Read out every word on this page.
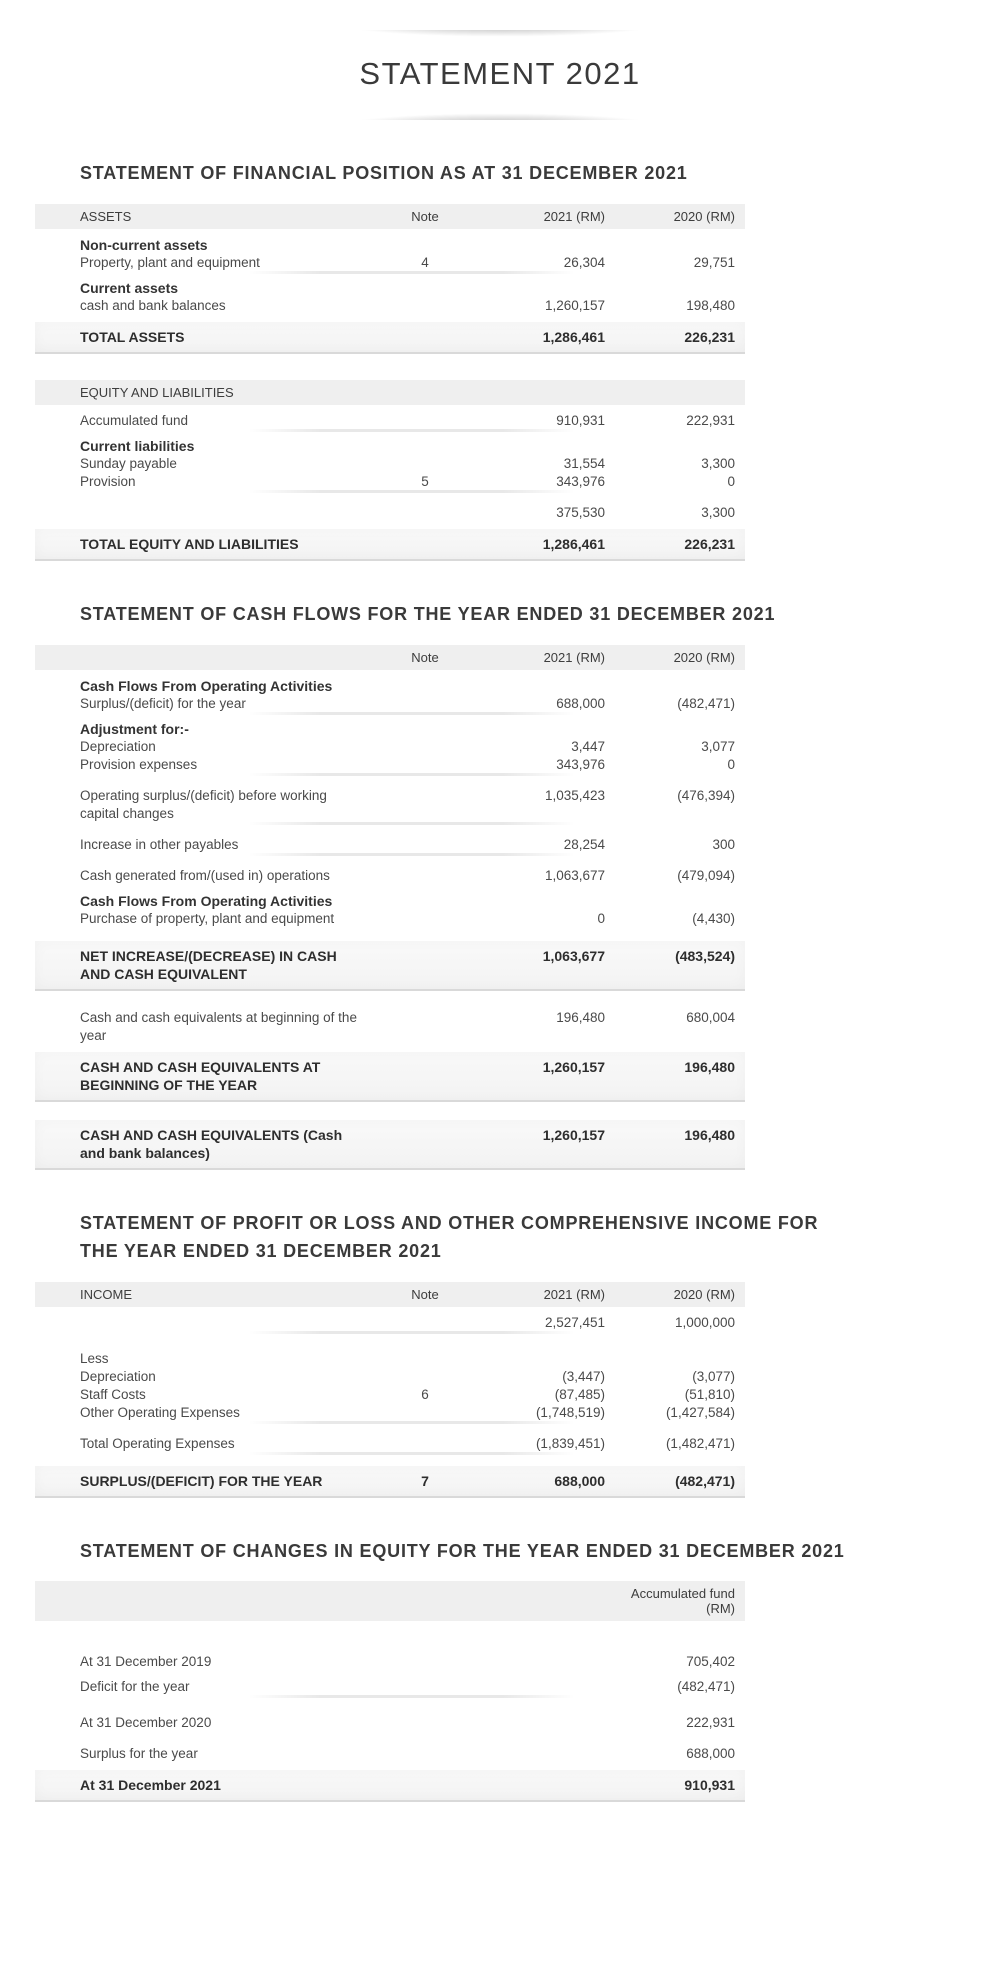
STATEMENT 2021
STATEMENT OF FINANCIAL POSITION AS AT 31 DECEMBER 2021
ASSETS	Note	2021 (RM)	2020 (RM)
Non-current assets
Property, plant and equipment	4	26,304	29,751
Current assets
cash and bank balances	1,260,157	198,480
TOTAL ASSETS	1,286,461	226,231
EQUITY AND LIABILITIES
Accumulated fund	910,931	222,931
Current liabilities
Sunday payable	31,554	3,300
Provision	5	343,976	0
375,530	3,300
TOTAL EQUITY AND LIABILITIES	1,286,461	226,231
STATEMENT OF CASH FLOWS FOR THE YEAR ENDED 31 DECEMBER 2021
Note	2021 (RM)	2020 (RM)
Cash Flows From Operating Activities
Surplus/(deficit) for the year	688,000	(482,471)
Adjustment for:-
Depreciation	3,447	3,077
Provision expenses	343,976	0
Operating surplus/(deficit) before working capital changes
1,035,423	(476,394)
Increase in other payables	28,254	300
Cash generated from/(used in) operations	1,063,677	(479,094)
Cash Flows From Operating Activities
Purchase of property, plant and equipment	0	(4,430)
NET INCREASE/(DECREASE) IN CASH AND CASH EQUIVALENT
1,063,677	(483,524)
Cash and cash equivalents at beginning of the year
196,480	680,004
CASH AND CASH EQUIVALENTS AT BEGINNING OF THE YEAR
1,260,157	196,480
CASH AND CASH EQUIVALENTS (Cash and bank balances)
1,260,157	196,480
STATEMENT OF PROFIT OR LOSS AND OTHER COMPREHENSIVE INCOME FOR THE YEAR ENDED 31 DECEMBER 2021
INCOME	Note	2021 (RM)	2020 (RM)
2,527,451	1,000,000
Less
Depreciation	(3,447)	(3,077)
Staff Costs	6	(87,485)	(51,810)
Other Operating Expenses	(1,748,519)	(1,427,584)
Total Operating Expenses	(1,839,451)	(1,482,471)
SURPLUS/(DEFICIT) FOR THE YEAR	7	688,000	(482,471)
STATEMENT OF CHANGES IN EQUITY FOR THE YEAR ENDED 31 DECEMBER 2021
Accumulated fund (RM)
At 31 December 2019	705,402
Deficit for the year	(482,471)
At 31 December 2020	222,931
Surplus for the year	688,000
At 31 December 2021	910,931
